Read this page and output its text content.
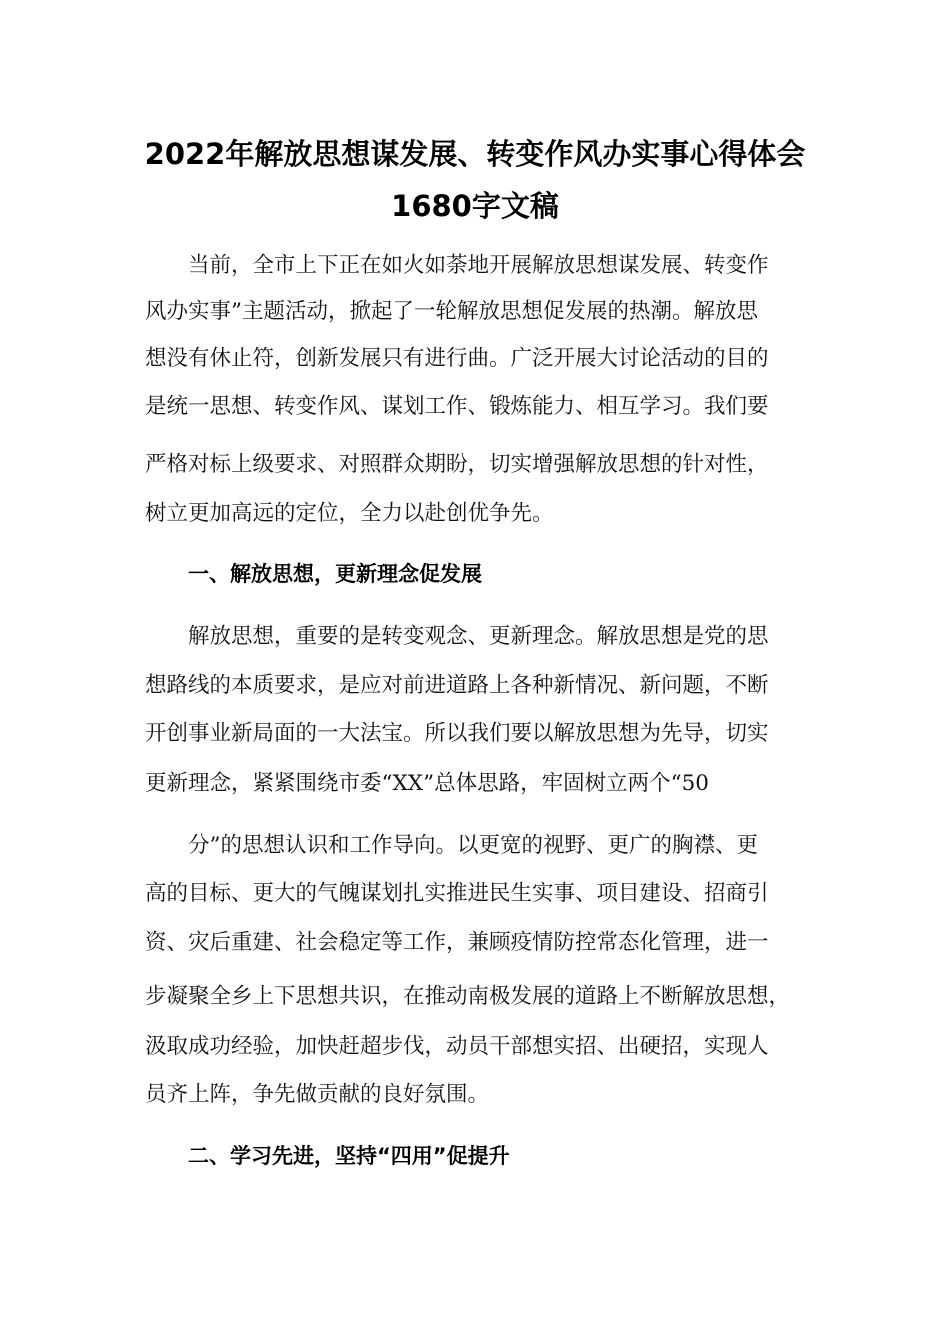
2022年解放思想谋发展、转变作风办实事心得体会
1680字文稿

当前，全市上下正在如火如荼地开展解放思想谋发展、转变作

风办实事”主题活动，掀起了一轮解放思想促发展的热潮。解放思

想没有休止符，创新发展只有进行曲。广泛开展大讨论活动的目的

是统一思想、转变作风、谋划工作、锻炼能力、相互学习。我们要

严格对标上级要求、对照群众期盼，切实增强解放思想的针对性，

树立更加高远的定位，全力以赴创优争先。

一、解放思想，更新理念促发展

解放思想，重要的是转变观念、更新理念。解放思想是党的思

想路线的本质要求，是应对前进道路上各种新情况、新问题，不断

开创事业新局面的一大法宝。所以我们要以解放思想为先导，切实

更新理念，紧紧围绕市委“XX”总体思路，牢固树立两个“50

分”的思想认识和工作导向。以更宽的视野、更广的胸襟、更

高的目标、更大的气魄谋划扎实推进民生实事、项目建设、招商引

资、灾后重建、社会稳定等工作，兼顾疫情防控常态化管理，进一

步凝聚全乡上下思想共识，在推动南极发展的道路上不断解放思想，

汲取成功经验，加快赶超步伐，动员干部想实招、出硬招，实现人

员齐上阵，争先做贡献的良好氛围。

二、学习先进，坚持“四用”促提升
